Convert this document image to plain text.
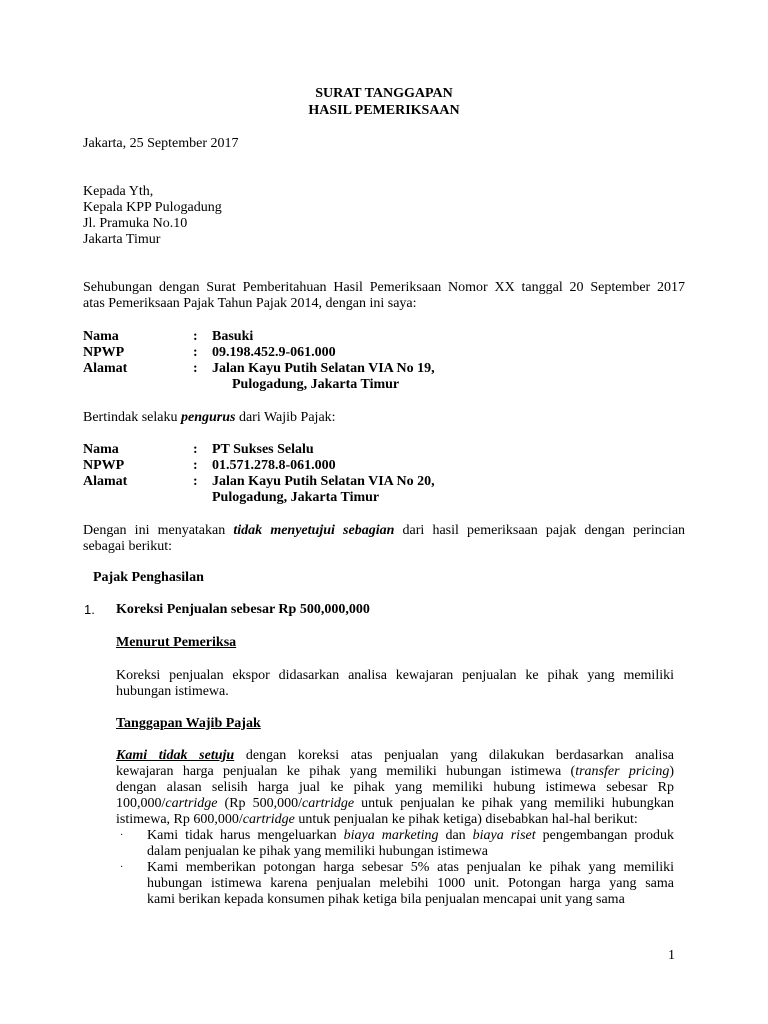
SURAT TANGGAPAN
HASIL PEMERIKSAAN
Jakarta, 25 September 2017
Kepada Yth,
Kepala KPP Pulogadung
Jl. Pramuka No.10
Jakarta Timur
Sehubungan dengan Surat Pemberitahuan Hasil Pemeriksaan Nomor XX tanggal 20 September 2017
atas Pemeriksaan Pajak Tahun Pajak 2014, dengan ini saya:
Nama	: Basuki
NPWP	: 09.198.452.9-061.000
Alamat	: Jalan Kayu Putih Selatan VIA No 19,
Pulogadung, Jakarta Timur
Bertindak selaku pengurus dari Wajib Pajak:
Nama	: PT Sukses Selalu
NPWP	: 01.571.278.8-061.000
Alamat	: Jalan Kayu Putih Selatan VIA No 20,
Pulogadung, Jakarta Timur
Dengan ini menyatakan tidak menyetujui sebagian dari hasil pemeriksaan pajak dengan perincian
sebagai berikut:
Pajak Penghasilan
1. Koreksi Penjualan sebesar Rp 500,000,000
Menurut Pemeriksa
Koreksi penjualan ekspor didasarkan analisa kewajaran penjualan ke pihak yang memiliki
hubungan istimewa.
Tanggapan Wajib Pajak
Kami tidak setuju dengan koreksi atas penjualan yang dilakukan berdasarkan analisa
kewajaran harga penjualan ke pihak yang memiliki hubungan istimewa (transfer pricing)
dengan alasan selisih harga jual ke pihak yang memiliki hubung istimewa sebesar Rp
100,000/cartridge (Rp 500,000/cartridge untuk penjualan ke pihak yang memiliki hubungkan
istimewa, Rp 600,000/cartridge untuk penjualan ke pihak ketiga) disebabkan hal-hal berikut:
· Kami tidak harus mengeluarkan biaya marketing dan biaya riset pengembangan produk
dalam penjualan ke pihak yang memiliki hubungan istimewa
· Kami memberikan potongan harga sebesar 5% atas penjualan ke pihak yang memiliki
hubungan istimewa karena penjualan melebihi 1000 unit. Potongan harga yang sama
kami berikan kepada konsumen pihak ketiga bila penjualan mencapai unit yang sama
1
